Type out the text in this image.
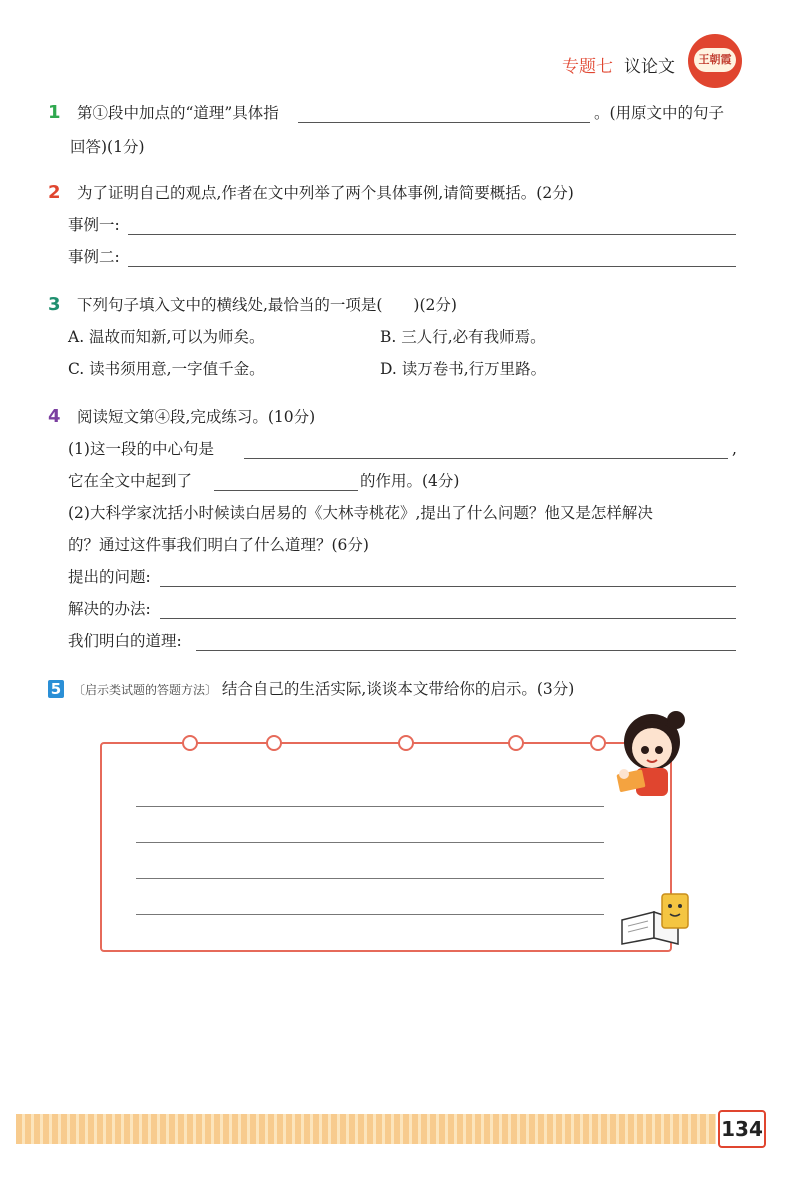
专题七 议论文	王朝霞
1 第①段中加点的“道理”具体指	。(用原文中的句子
回答)(1分)
2 为了证明自己的观点,作者在文中列举了两个具体事例,请简要概括。(2分)
事例一:
事例二:
3 下列句子填入文中的横线处,最恰当的一项是(　　)(2分)
A. 温故而知新,可以为师矣。	B. 三人行,必有我师焉。
C. 读书须用意,一字值千金。	D. 读万卷书,行万里路。
4 阅读短文第④段,完成练习。(10分)
(1)这一段的中心句是	,
它在全文中起到了	的作用。(4分)
(2)大科学家沈括小时候读白居易的《大林寺桃花》,提出了什么问题？他又是怎样解决
的？通过这件事我们明白了什么道理？(6分)
提出的问题:
解决的办法:
我们明白的道理:
5 〔启示类试题的答题方法〕 结合自己的生活实际,谈谈本文带给你的启示。(3分)
134
